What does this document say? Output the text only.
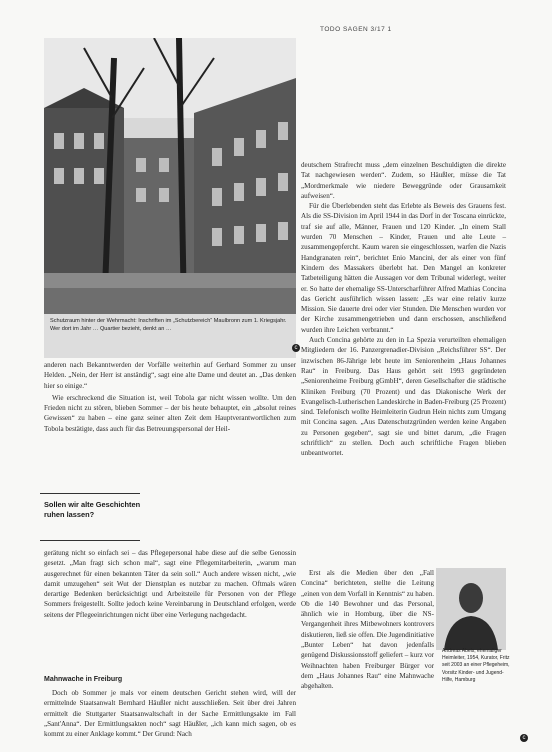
TODO SAGEN 3/17 1
Schutzraum hinter der Wehrmacht: Inschriften im „Schutzbereich“ Maulbronn zum 1. Kriegsjahr. Wer dort im Jahr … Quartier bezieht, denkt an …
c

anderen nach Bekanntwerden der Vorfälle weiterhin auf Gerhard Sommer zu unser Helden. „Nein, der Herr ist anständig“, sagt eine alte Dame und deutet an. „Das denken hier so einige.“

Wie erschreckend die Situation ist, weil Tobola gar nicht wissen wollte. Um den Frieden nicht zu stören, blieben Sommer – der bis heute behauptet, ein „absolut reines Gewissen“ zu haben – eine ganz seiner alten Zeit dem Hauptverantwortlichen zum Tobola bestätigte, dass auch für das Betreuungspersonal der Heil-

Sollen wir alte Geschichten ruhen lassen?

gerätung nicht so einfach sei – das Pflegepersonal habe diese auf die selbe Genossin gesetzt. „Man fragt sich schon mal“, sagt eine Pflegemitarbeiterin, „warum man ausgerechnet für einen bekannten Täter da sein soll.“ Auch andere wissen nicht, „wie damit umzugehen“ seit Wut der Dienstplan es nutzbar zu machen. Oftmals wären derartige Bedenken berücksichtigt und Arbeitsteile für Personen von der Pflege Sommers freigestellt. Sollte jedoch keine Vereinbarung in Deutschland erfolgen, werde seitens der Pflegeeinrichtungen nicht über eine Verlegung nachgedacht.

Mahnwache in Freiburg

Doch ob Sommer je mals vor einem deutschen Gericht stehen wird, will der ermittelnde Staatsanwalt Bernhard Häußler nicht ausschließen. Seit über drei Jahren ermittelt die Stuttgarter Staatsanwaltschaft in der Sache Ermittlungsakte im Fall „Sant'Anna“. Der Ermittlungsakten noch“ sagt Häußler, „ich kann mich sagen, ob es kommt zu einer Anklage kommt.“ Der Grund: Nach

deutschem Strafrecht muss „dem einzelnen Beschuldigten die direkte Tat nachgewiesen werden“. Zudem, so Häußler, müsse die Tat „Mordmerkmale wie niedere Beweggründe oder Grausamkeit aufweisen“.

Für die Überlebenden steht das Erlebte als Beweis des Grauens fest. Als die SS-Division im April 1944 in das Dorf in der Toscana einrückte, traf sie auf alle, Männer, Frauen und 120 Kinder. „In einem Stall wurden 70 Menschen – Kinder, Frauen und alte Leute – zusammengepfercht. Kaum waren sie eingeschlossen, warfen die Nazis Handgranaten rein“, berichtet Enio Mancini, der als einer von fünf Kindern des Massakers überlebt hat. Den Mangel an konkreter Tatbeteiligung hätten die Aussagen vor dem Tribunal widerlegt, weiter er. So hatte der ehemalige SS-Unterscharführer Alfred Mathias Concina das Gericht ausführlich wissen lassen: „Es war eine relativ kurze Mission. Sie dauerte drei oder vier Stunden. Die Menschen wurden vor der Kirche zusammengetrieben und dann erschossen, anschließend wurden ihre Leichen verbrannt.“

Auch Concina gehörte zu den in La Spezia verurteilten ehemaligen Mitgliedern der 16. Panzergrenadier-Division „Reichsführer SS“. Der inzwischen 86-Jährige lebt heute im Seniorenheim „Haus Johannes Rau“ in Freiburg. Das Haus gehört seit 1993 gegründeten „Seniorenheime Freiburg gGmbH“, deren Gesellschafter die städtische Kliniken Freiburg (70 Prozent) und das Diakonische Werk der Evangelisch-Lutherischen Landeskirche in Baden-Freiburg (25 Prozent) sind. Telefonisch wollte Heimleiterin Gudrun Hein nichts zum Umgang mit Concina sagen. „Aus Datenschutzgründen werden keine Angaben zu Personen gegeben“, sagt sie und bittet darum, „die Fragen schriftlich“ zu stellen. Doch auch schriftliche Fragen blieben unbeantwortet.

Erst als die Medien über den „Fall Concina“ berichteten, stellte die Leitung „einen von dem Vorfall in Kenntnis“ zu haben. Ob die 140 Bewohner und das Personal, ähnlich wie in Homburg, über die NS-Vergangenheit ihres Mitbewohners kontrovers diskutieren, ließ sie offen. Die Jugendinitiative „Bunter Leben“ hat davon jedenfalls genügend Diskussionsstoff geliefert – kurz vor Weihnachten haben Freiburger Bürger vor dem „Haus Johannes Rau“ eine Mahnwache abgehalten.

Andreas Abels, ehemaliger Heimleiter, 1954, Kurator, Fritz seit 2003 an einer Pflegeheim, Vorsitz Kinder- und Jugend-Hilfe, Hamburg
c
